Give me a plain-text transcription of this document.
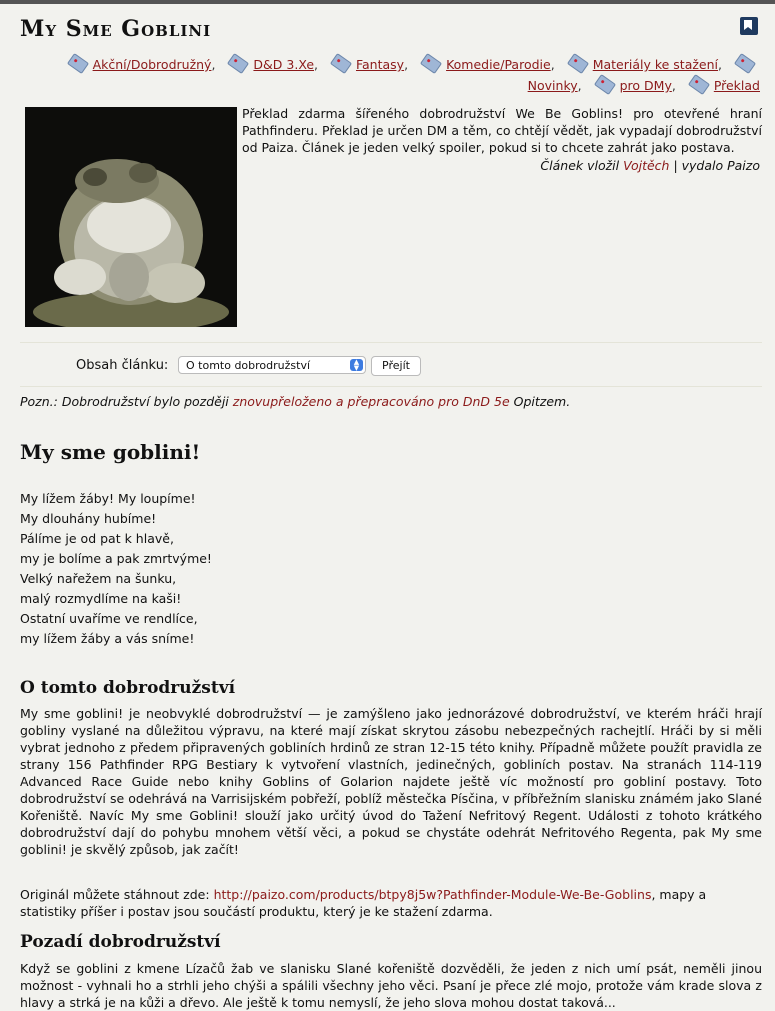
My Sme Goblini
Akční/Dobrodružný,	D&D 3.Xe,	Fantasy,	Komedie/Parodie,	Materiály ke stažení, Novinky,	pro DMy,	Překlad
Překlad zdarma šířeného dobrodružství We Be Goblins! pro otevřené hraní Pathfinderu. Překlad je určen DM a těm, co chtějí vědět, jak vypadají dobrodružství od Paiza. Článek je jeden velký spoiler, pokud si to chcete zahrát jako postava.
Článek vložil Vojtěch | vydalo Paizo
Obsah článku:	O tomto dobrodružství	▲
▼	Přejít
Pozn.: Dobrodružství bylo později znovupřeloženo a přepracováno pro DnD 5e Opitzem.
My sme goblini!
My lížem žáby! My loupíme!
My dlouhány hubíme!
Pálíme je od pat k hlavě,
my je bolíme a pak zmrtvýme!
Velký nařežem na šunku,
malý rozmydlíme na kaši!
Ostatní uvaříme ve rendlíce,
my lížem žáby a vás sníme!
O tomto dobrodružství
My sme goblini! je neobvyklé dobrodružství — je zamýšleno jako jednorázové dobrodružství, ve kterém hráči hrají gobliny vyslané na důležitou výpravu, na které mají získat skrytou zásobu nebezpečných rachejtlí. Hráči by si měli vybrat jednoho z předem připravených gobliních hrdinů ze stran 12-15 této knihy. Případně můžete použít pravidla ze strany 156 Pathfinder RPG Bestiary k vytvoření vlastních, jedinečných, gobliních postav. Na stranách 114-119 Advanced Race Guide nebo knihy Goblins of Golarion najdete ještě víc možností pro gobliní postavy. Toto dobrodružství se odehrává na Varrisijském pobřeží, poblíž městečka Písčina, v příbřežním slanisku známém jako Slané Kořeniště. Navíc My sme Goblini! slouží jako určitý úvod do Tažení Nefritový Regent. Události z tohoto krátkého dobrodružství dají do pohybu mnohem větší věci, a pokud se chystáte odehrát Nefritového Regenta, pak My sme goblini! je skvělý způsob, jak začít!
Originál můžete stáhnout zde: http://paizo.com/products/btpy8j5w?Pathfinder-Module-We-Be-Goblins, mapy a statistiky příšer i postav jsou součástí produktu, který je ke stažení zdarma.
Pozadí dobrodružství
Když se goblini z kmene Lízačů žab ve slanisku Slané kořeniště dozvěděli, že jeden z nich umí psát, neměli jinou možnost - vyhnali ho a strhli jeho chýši a spálili všechny jeho věci. Psaní je přece zlé mojo, protože vám krade slova z hlavy a strká je na kůži a dřevo. Ale ještě k tomu nemyslí, že jeho slova mohou dostat taková...
